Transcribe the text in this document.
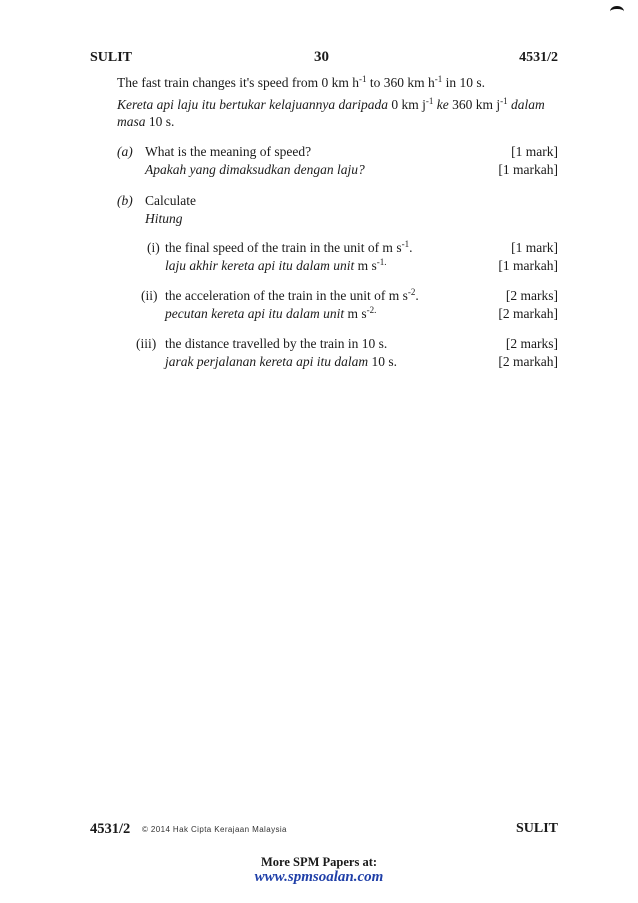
SULIT	30	4531/2
The fast train changes it's speed from 0 km $h^{-1}$ to 360 km $h^{-1}$ in 10 s.
Kereta api laju itu bertukar kelajuannya daripada 0 km $j^{-1}$ ke 360 km $j^{-1}$ dalam
masa 10 s.
(a) What is the meaning of speed?
Apakah yang dimaksudkan dengan laju?
[1 mark]
[1 markah]
(b) Calculate
Hitung
(i) the final speed of the train in the unit of m $s^{-1}$.
laju akhir kereta api itu dalam unit m $s^{-1.}$
[1 mark]
[1 markah]
(ii) the acceleration of the train in the unit of m $s^{-2}$.
pecutan kereta api itu dalam unit m $s^{-2.}$
[2 marks]
[2 markah]
(iii) the distance travelled by the train in 10 s.
jarak perjalanan kereta api itu dalam 10 s.
[2 marks]
[2 markah]
4531/2 © 2014 Hak Cipta Kerajaan Malaysia	SULIT
More SPM Papers at:
www.spmsoalan.com
